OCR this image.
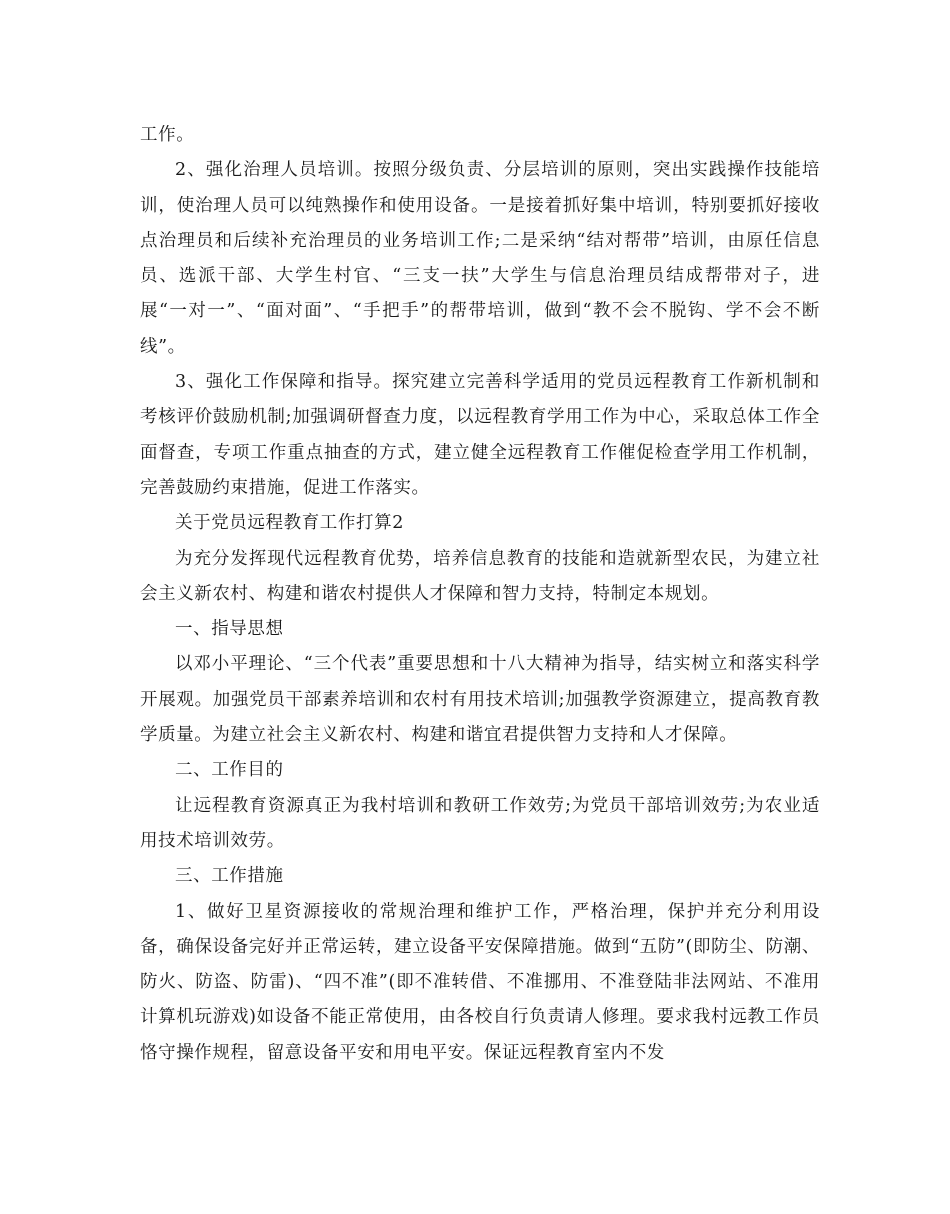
工作。

2、强化治理人员培训。按照分级负责、分层培训的原则，突出实践操作技能培训，使治理人员可以纯熟操作和使用设备。一是接着抓好集中培训，特别要抓好接收点治理员和后续补充治理员的业务培训工作;二是采纳“结对帮带”培训，由原任信息员、选派干部、大学生村官、“三支一扶”大学生与信息治理员结成帮带对子，进展“一对一”、“面对面”、“手把手”的帮带培训，做到“教不会不脱钩、学不会不断线”。

3、强化工作保障和指导。探究建立完善科学适用的党员远程教育工作新机制和考核评价鼓励机制;加强调研督查力度，以远程教育学用工作为中心，采取总体工作全面督查，专项工作重点抽查的方式，建立健全远程教育工作催促检查学用工作机制，完善鼓励约束措施，促进工作落实。

关于党员远程教育工作打算2

为充分发挥现代远程教育优势，培养信息教育的技能和造就新型农民，为建立社会主义新农村、构建和谐农村提供人才保障和智力支持，特制定本规划。

一、指导思想

以邓小平理论、“三个代表”重要思想和十八大精神为指导，结实树立和落实科学开展观。加强党员干部素养培训和农村有用技术培训;加强教学资源建立，提高教育教学质量。为建立社会主义新农村、构建和谐宜君提供智力支持和人才保障。

二、工作目的

让远程教育资源真正为我村培训和教研工作效劳;为党员干部培训效劳;为农业适用技术培训效劳。

三、工作措施

1、做好卫星资源接收的常规治理和维护工作，严格治理，保护并充分利用设备，确保设备完好并正常运转，建立设备平安保障措施。做到“五防”(即防尘、防潮、防火、防盗、防雷)、“四不准”(即不准转借、不准挪用、不准登陆非法网站、不准用计算机玩游戏)如设备不能正常使用，由各校自行负责请人修理。要求我村远教工作员恪守操作规程，留意设备平安和用电平安。保证远程教育室内不发
